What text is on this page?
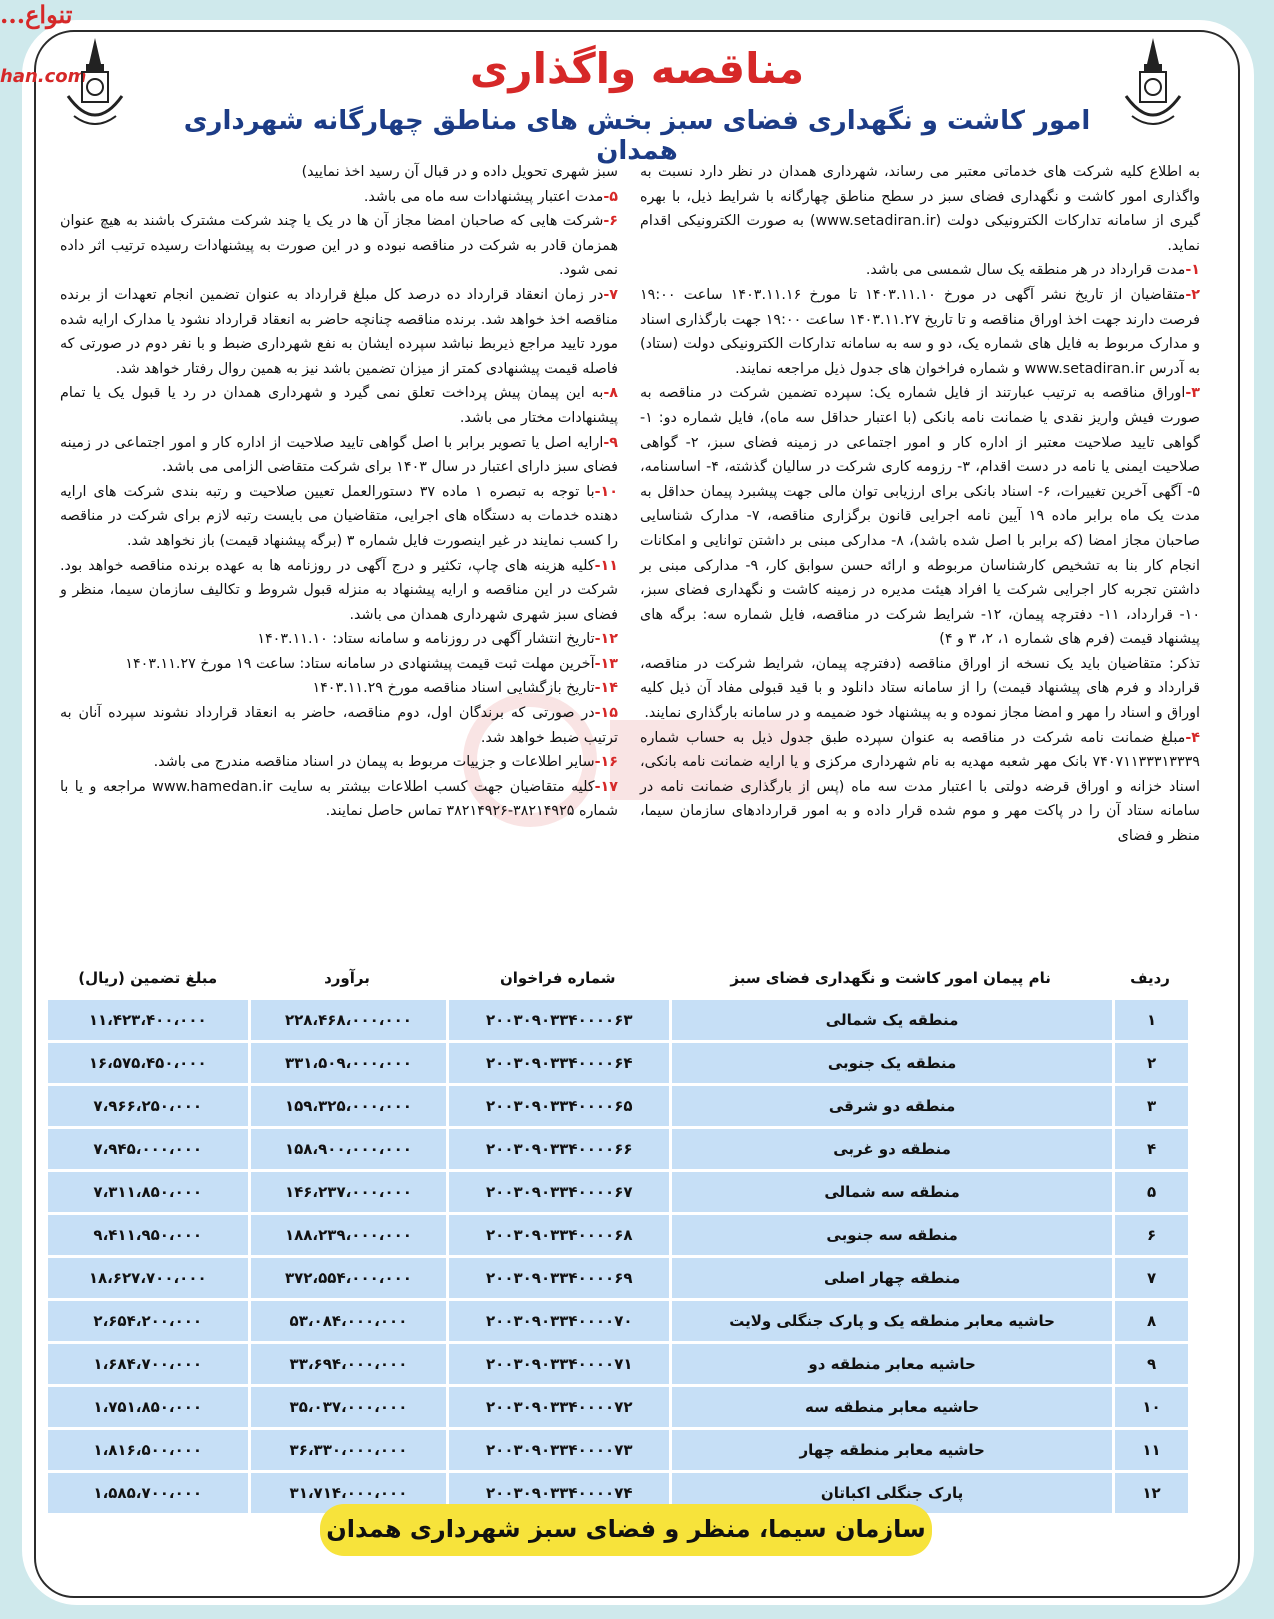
...تنواع
han.com	مناقصه واگذاری
امور کاشت و نگهداری فضای سبز بخش های مناطق چهارگانه شهرداری همدان

به اطلاع کلیه شرکت های خدماتی معتبر می رساند، شهرداری همدان در نظر دارد نسبت به واگذاری امور کاشت و نگهداری فضای سبز در سطح مناطق چهارگانه با شرایط ذیل، با بهره گیری از سامانه تدارکات الکترونیکی دولت (www.setadiran.ir) به صورت الکترونیکی اقدام نماید.

۱-مدت قرارداد در هر منطقه یک سال شمسی می باشد.

۲-متقاضیان از تاریخ نشر آگهی در مورخ ۱۴۰۳.۱۱.۱۰ تا مورخ ۱۴۰۳.۱۱.۱۶ ساعت ۱۹:۰۰ فرصت دارند جهت اخذ اوراق مناقصه و تا تاریخ ۱۴۰۳.۱۱.۲۷ ساعت ۱۹:۰۰ جهت بارگذاری اسناد و مدارک مربوط به فایل های شماره یک، دو و سه به سامانه تدارکات الکترونیکی دولت (ستاد) به آدرس www.setadiran.ir و شماره فراخوان های جدول ذیل مراجعه نمایند.

۳-اوراق مناقصه به ترتیب عبارتند از فایل شماره یک: سپرده تضمین شرکت در مناقصه به صورت فیش واریز نقدی یا ضمانت نامه بانکی (با اعتبار حداقل سه ماه)، فایل شماره دو: ۱- گواهی تایید صلاحیت معتبر از اداره کار و امور اجتماعی در زمینه فضای سبز، ۲- گواهی صلاحیت ایمنی یا نامه در دست اقدام، ۳- رزومه کاری شرکت در سالیان گذشته، ۴- اساسنامه، ۵- آگهی آخرین تغییرات، ۶- اسناد بانکی برای ارزیابی توان مالی جهت پیشبرد پیمان حداقل به مدت یک ماه برابر ماده ۱۹ آیین نامه اجرایی قانون برگزاری مناقصه، ۷- مدارک شناسایی صاحبان مجاز امضا (که برابر با اصل شده باشد)، ۸- مدارکی مبنی بر داشتن توانایی و امکانات انجام کار بنا به تشخیص کارشناسان مربوطه و ارائه حسن سوابق کار، ۹- مدارکی مبنی بر داشتن تجربه کار اجرایی شرکت یا افراد هیئت مدیره در زمینه کاشت و نگهداری فضای سبز، ۱۰- قرارداد، ۱۱- دفترچه پیمان، ۱۲- شرایط شرکت در مناقصه، فایل شماره سه: برگه های پیشنهاد قیمت (فرم های شماره ۱، ۲، ۳ و ۴)

تذکر: متقاضیان باید یک نسخه از اوراق مناقصه (دفترچه پیمان، شرایط شرکت در مناقصه، قرارداد و فرم های پیشنهاد قیمت) را از سامانه ستاد دانلود و با قید قبولی مفاد آن ذیل کلیه اوراق و اسناد را مهر و امضا مجاز نموده و به پیشنهاد خود ضمیمه و در سامانه بارگذاری نمایند.

۴-مبلغ ضمانت نامه شرکت در مناقصه به عنوان سپرده طبق جدول ذیل به حساب شماره ۷۴۰۷۱۱۳۳۳۱۳۳۳۹ بانک مهر شعبه مهدیه به نام شهرداری مرکزی و یا ارایه ضمانت نامه بانکی، اسناد خزانه و اوراق قرضه دولتی با اعتبار مدت سه ماه (پس از بارگذاری ضمانت نامه در سامانه ستاد آن را در پاکت مهر و موم شده قرار داده و به امور قراردادهای سازمان سیما، منظر و فضای

سبز شهری تحویل داده و در قبال آن رسید اخذ نمایید)

۵-مدت اعتبار پیشنهادات سه ماه می باشد.

۶-شرکت هایی که صاحبان امضا مجاز آن ها در یک یا چند شرکت مشترک باشند به هیچ عنوان همزمان قادر به شرکت در مناقصه نبوده و در این صورت به پیشنهادات رسیده ترتیب اثر داده نمی شود.

۷-در زمان انعقاد قرارداد ده درصد کل مبلغ قرارداد به عنوان تضمین انجام تعهدات از برنده مناقصه اخذ خواهد شد. برنده مناقصه چنانچه حاضر به انعقاد قرارداد نشود یا مدارک ارایه شده مورد تایید مراجع ذیربط نباشد سپرده ایشان به نفع شهرداری ضبط و با نفر دوم در صورتی که فاصله قیمت پیشنهادی کمتر از میزان تضمین باشد نیز به همین روال رفتار خواهد شد.

۸-به این پیمان پیش پرداخت تعلق نمی گیرد و شهرداری همدان در رد یا قبول یک یا تمام پیشنهادات مختار می باشد.

۹-ارایه اصل یا تصویر برابر با اصل گواهی تایید صلاحیت از اداره کار و امور اجتماعی در زمینه فضای سبز دارای اعتبار در سال ۱۴۰۳ برای شرکت متقاضی الزامی می باشد.

۱۰-با توجه به تبصره ۱ ماده ۳۷ دستورالعمل تعیین صلاحیت و رتبه بندی شرکت های ارایه دهنده خدمات به دستگاه های اجرایی، متقاضیان می بایست رتبه لازم برای شرکت در مناقصه را کسب نمایند در غیر اینصورت فایل شماره ۳ (برگه پیشنهاد قیمت) باز نخواهد شد.

۱۱-کلیه هزینه های چاپ، تکثیر و درج آگهی در روزنامه ها به عهده برنده مناقصه خواهد بود. شرکت در این مناقصه و ارایه پیشنهاد به منزله قبول شروط و تکالیف سازمان سیما، منظر و فضای سبز شهری شهرداری همدان می باشد.

۱۲-تاریخ انتشار آگهی در روزنامه و سامانه ستاد: ۱۴۰۳.۱۱.۱۰

۱۳-آخرین مهلت ثبت قیمت پیشنهادی در سامانه ستاد: ساعت ۱۹ مورخ ۱۴۰۳.۱۱.۲۷

۱۴-تاریخ بازگشایی اسناد مناقصه مورخ ۱۴۰۳.۱۱.۲۹

۱۵-در صورتی که برندگان اول، دوم مناقصه، حاضر به انعقاد قرارداد نشوند سپرده آنان به ترتیب ضبط خواهد شد.

۱۶-سایر اطلاعات و جزییات مربوط به پیمان در اسناد مناقصه مندرج می باشد.

۱۷-کلیه متقاضیان جهت کسب اطلاعات بیشتر به سایت www.hamedan.ir مراجعه و یا با شماره ۳۸۲۱۴۹۲۵-۳۸۲۱۴۹۲۶ تماس حاصل نمایند.

ردیف	نام پیمان امور کاشت و نگهداری فضای سبز	شماره فراخوان	برآورد	مبلغ تضمین (ریال)
۱	منطقه یک شمالی	۲۰۰۳۰۹۰۳۳۴۰۰۰۰۶۳	۲۲۸،۴۶۸،۰۰۰،۰۰۰	۱۱،۴۲۳،۴۰۰،۰۰۰
۲	منطقه یک جنوبی	۲۰۰۳۰۹۰۳۳۴۰۰۰۰۶۴	۳۳۱،۵۰۹،۰۰۰،۰۰۰	۱۶،۵۷۵،۴۵۰،۰۰۰
۳	منطقه دو شرقی	۲۰۰۳۰۹۰۳۳۴۰۰۰۰۶۵	۱۵۹،۳۲۵،۰۰۰،۰۰۰	۷،۹۶۶،۲۵۰،۰۰۰
۴	منطقه دو غربی	۲۰۰۳۰۹۰۳۳۴۰۰۰۰۶۶	۱۵۸،۹۰۰،۰۰۰،۰۰۰	۷،۹۴۵،۰۰۰،۰۰۰
۵	منطقه سه شمالی	۲۰۰۳۰۹۰۳۳۴۰۰۰۰۶۷	۱۴۶،۲۳۷،۰۰۰،۰۰۰	۷،۳۱۱،۸۵۰،۰۰۰
۶	منطقه سه جنوبی	۲۰۰۳۰۹۰۳۳۴۰۰۰۰۶۸	۱۸۸،۲۳۹،۰۰۰،۰۰۰	۹،۴۱۱،۹۵۰،۰۰۰
۷	منطقه چهار اصلی	۲۰۰۳۰۹۰۳۳۴۰۰۰۰۶۹	۳۷۲،۵۵۴،۰۰۰،۰۰۰	۱۸،۶۲۷،۷۰۰،۰۰۰
۸	حاشیه معابر منطقه یک و پارک جنگلی ولایت	۲۰۰۳۰۹۰۳۳۴۰۰۰۰۷۰	۵۳،۰۸۴،۰۰۰،۰۰۰	۲،۶۵۴،۲۰۰،۰۰۰
۹	حاشیه معابر منطقه دو	۲۰۰۳۰۹۰۳۳۴۰۰۰۰۷۱	۳۳،۶۹۴،۰۰۰،۰۰۰	۱،۶۸۴،۷۰۰،۰۰۰
۱۰	حاشیه معابر منطقه سه	۲۰۰۳۰۹۰۳۳۴۰۰۰۰۷۲	۳۵،۰۳۷،۰۰۰،۰۰۰	۱،۷۵۱،۸۵۰،۰۰۰
۱۱	حاشیه معابر منطقه چهار	۲۰۰۳۰۹۰۳۳۴۰۰۰۰۷۳	۳۶،۳۳۰،۰۰۰،۰۰۰	۱،۸۱۶،۵۰۰،۰۰۰
۱۲	پارک جنگلی اکباتان	۲۰۰۳۰۹۰۳۳۴۰۰۰۰۷۴	۳۱،۷۱۴،۰۰۰،۰۰۰	۱،۵۸۵،۷۰۰،۰۰۰
سازمان سیما، منظر و فضای سبز شهرداری همدان
